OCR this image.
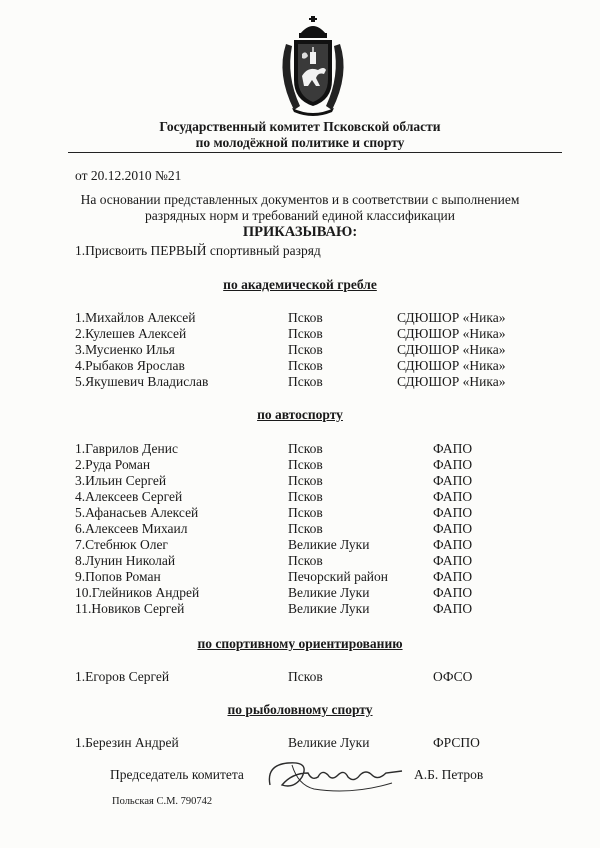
Государственный комитет Псковской области
по молодёжной политике и спорту
от 20.12.2010 №21
На основании представленных документов и в соответствии с выполнением
разрядных норм и требований единой классификации
ПРИКАЗЫВАЮ:
1.Присвоить ПЕРВЫЙ спортивный разряд
по академической гребле
1.Михайлов Алексей	Псков	СДЮШОР «Ника»
2.Кулешев Алексей	Псков	СДЮШОР «Ника»
3.Мусиенко Илья	Псков	СДЮШОР «Ника»
4.Рыбаков Ярослав	Псков	СДЮШОР «Ника»
5.Якушевич Владислав	Псков	СДЮШОР «Ника»
по автоспорту
1.Гаврилов Денис	Псков	ФАПО
2.Руда Роман	Псков	ФАПО
3.Ильин Сергей	Псков	ФАПО
4.Алексеев Сергей	Псков	ФАПО
5.Афанасьев Алексей	Псков	ФАПО
6.Алексеев Михаил	Псков	ФАПО
7.Стебнюк Олег	Великие Луки	ФАПО
8.Лунин Николай	Псков	ФАПО
9.Попов Роман	Печорский район	ФАПО
10.Глейников Андрей	Великие Луки	ФАПО
11.Новиков Сергей	Великие Луки	ФАПО
по спортивному ориентированию
1.Егоров Сергей	Псков	ОФСО
по рыболовному спорту
1.Березин Андрей	Великие Луки	ФРСПО
Председатель комитета	А.Б. Петров
Польская С.М. 790742
